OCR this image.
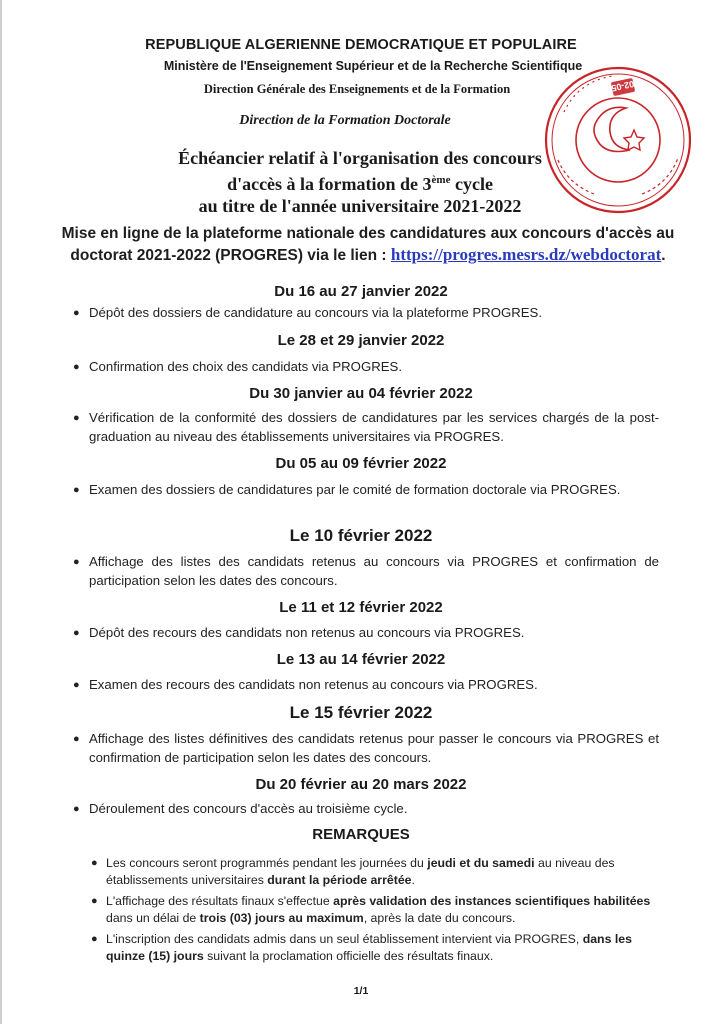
REPUBLIQUE ALGERIENNE DEMOCRATIQUE ET POPULAIRE
Ministère de l'Enseignement Supérieur et de la Recherche Scientifique
Direction Générale des Enseignements et de la Formation
Direction de la Formation Doctorale
02-05
Échéancier relatif à l'organisation des concours
d'accès à la formation de 3ème cycle
au titre de l'année universitaire 2021-2022
Mise en ligne de la plateforme nationale des candidatures aux concours d'accès au doctorat 2021-2022 (PROGRES) via le lien : https://progres.mesrs.dz/webdoctorat.
Du 16 au 27 janvier 2022
● Dépôt des dossiers de candidature au concours via la plateforme PROGRES.
Le 28 et 29 janvier 2022
● Confirmation des choix des candidats via PROGRES.
Du 30 janvier au 04 février 2022
● Vérification de la conformité des dossiers de candidatures par les services chargés de la post-graduation au niveau des établissements universitaires via PROGRES.
Du 05 au 09 février 2022
● Examen des dossiers de candidatures par le comité de formation doctorale via PROGRES.
Le 10 février 2022
● Affichage des listes des candidats retenus au concours via PROGRES et confirmation de participation selon les dates des concours.
Le 11 et 12 février 2022
● Dépôt des recours des candidats non retenus au concours via PROGRES.
Le 13 au 14 février 2022
● Examen des recours des candidats non retenus au concours via PROGRES.
Le 15 février 2022
● Affichage des listes définitives des candidats retenus pour passer le concours via PROGRES et confirmation de participation selon les dates des concours.
Du 20 février au 20 mars 2022
● Déroulement des concours d'accès au troisième cycle.
REMARQUES
● Les concours seront programmés pendant les journées du jeudi et du samedi au niveau des établissements universitaires durant la période arrêtée.
● L'affichage des résultats finaux s'effectue après validation des instances scientifiques habilitées dans un délai de trois (03) jours au maximum, après la date du concours.
● L'inscription des candidats admis dans un seul établissement intervient via PROGRES, dans les quinze (15) jours suivant la proclamation officielle des résultats finaux.
1/1
